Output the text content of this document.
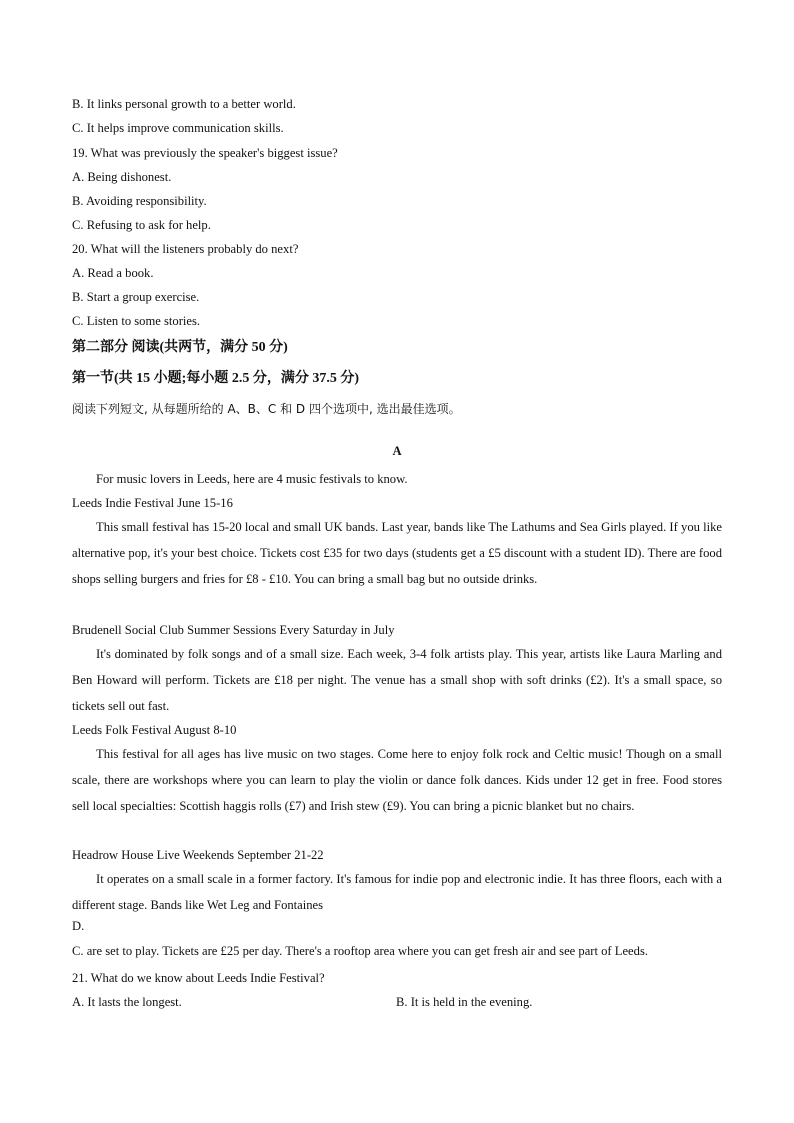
B. It links personal growth to a better world.
C. It helps improve communication skills.
19. What was previously the speaker's biggest issue?
A. Being dishonest.
B. Avoiding responsibility.
C. Refusing to ask for help.
20. What will the listeners probably do next?
A. Read a book.
B. Start a group exercise.
C. Listen to some stories.
第二部分 阅读(共两节，满分 50 分)
第一节(共 15 小题;每小题 2.5 分，满分 37.5 分)
阅读下列短文, 从每题所给的 A、B、C 和 D 四个选项中, 选出最佳选项。
A
For music lovers in Leeds, here are 4 music festivals to know.
Leeds Indie Festival June 15-16
This small festival has 15-20 local and small UK bands. Last year, bands like The Lathums and Sea Girls played. If you like alternative pop, it's your best choice. Tickets cost £35 for two days (students get a £5 discount with a student ID). There are food shops selling burgers and fries for £8 - £10. You can bring a small bag but no outside drinks.
Brudenell Social Club Summer Sessions Every Saturday in July
It's dominated by folk songs and of a small size. Each week, 3-4 folk artists play. This year, artists like Laura Marling and Ben Howard will perform. Tickets are £18 per night. The venue has a small shop with soft drinks (£2). It's a small space, so tickets sell out fast.
Leeds Folk Festival August 8-10
This festival for all ages has live music on two stages. Come here to enjoy folk rock and Celtic music! Though on a small scale, there are workshops where you can learn to play the violin or dance folk dances. Kids under 12 get in free. Food stores sell local specialties: Scottish haggis rolls (£7) and Irish stew (£9). You can bring a picnic blanket but no chairs.
Headrow House Live Weekends September 21-22
It operates on a small scale in a former factory. It's famous for indie pop and electronic indie. It has three floors, each with a different stage. Bands like Wet Leg and Fontaines
D.
C. are set to play. Tickets are £25 per day. There's a rooftop area where you can get fresh air and see part of Leeds.
21. What do we know about Leeds Indie Festival?
A. It lasts the longest.	B. It is held in the evening.
